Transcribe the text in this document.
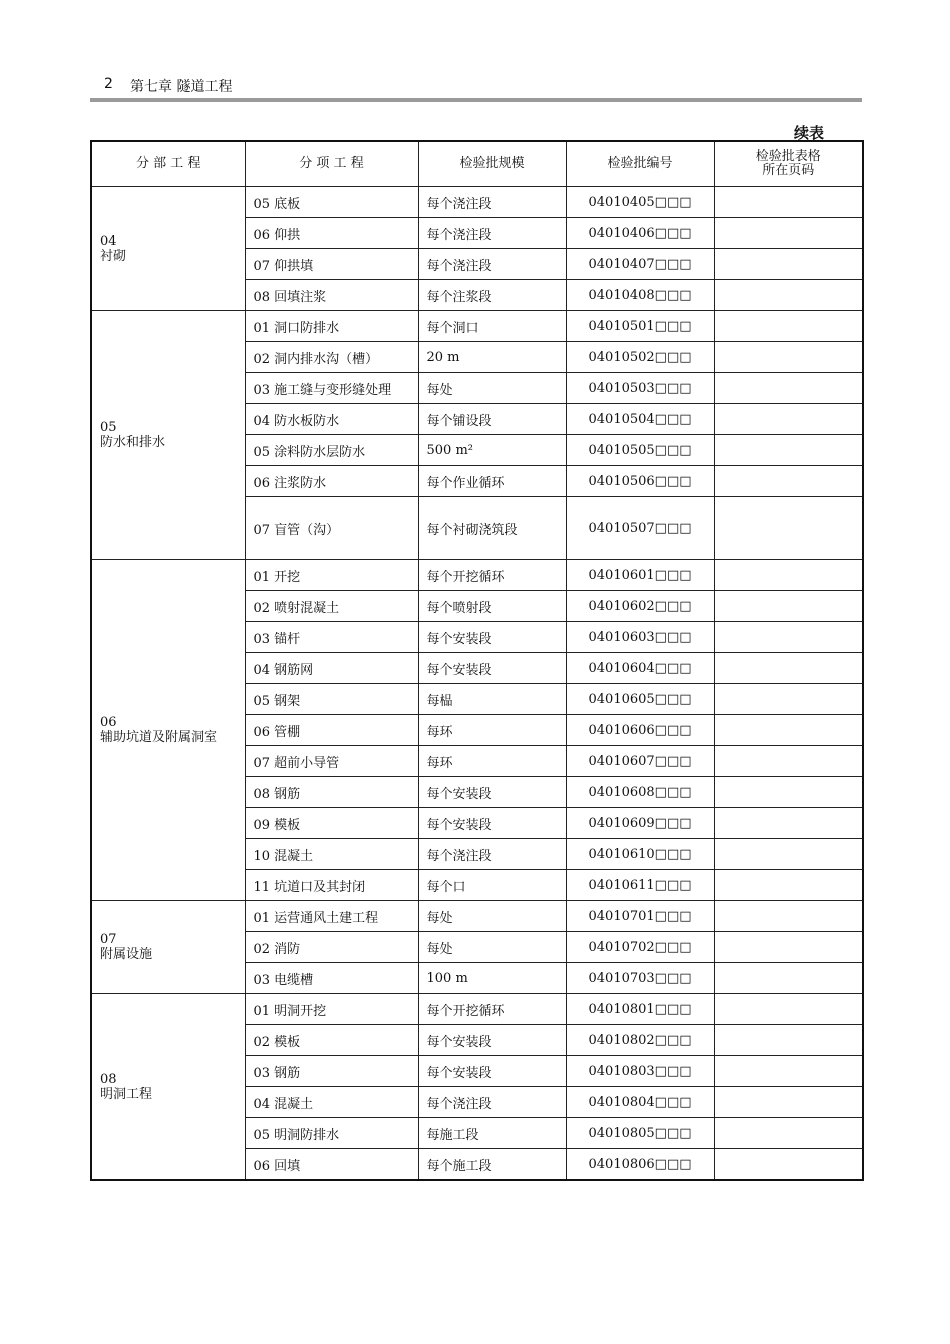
2 第七章 隧道工程
续表
分 部 工 程	分 项 工 程	检验批规模	检验批编号	检验批表格
所在页码

04
衬砌	05 底板	每个浇注段	04010405□□□	
	06 仰拱	每个浇注段	04010406□□□	
	07 仰拱填	每个浇注段	04010407□□□	
	08 回填注浆	每个注浆段	04010408□□□	

05
防水和排水	01 洞口防排水	每个洞口	04010501□□□	
	02 洞内排水沟（槽）	20 m	04010502□□□	
	03 施工缝与变形缝处理	每处	04010503□□□	
	04 防水板防水	每个铺设段	04010504□□□	
	05 涂料防水层防水	500 m²	04010505□□□	
	06 注浆防水	每个作业循环	04010506□□□	
	07 盲管（沟）	每个衬砌浇筑段	04010507□□□	

06
辅助坑道及附属洞室	01 开挖	每个开挖循环	04010601□□□	
	02 喷射混凝土	每个喷射段	04010602□□□	
	03 锚杆	每个安装段	04010603□□□	
	04 钢筋网	每个安装段	04010604□□□	
	05 钢架	每榀	04010605□□□	
	06 管棚	每环	04010606□□□	
	07 超前小导管	每环	04010607□□□	
	08 钢筋	每个安装段	04010608□□□	
	09 模板	每个安装段	04010609□□□	
	10 混凝土	每个浇注段	04010610□□□	
	11 坑道口及其封闭	每个口	04010611□□□	

07
附属设施	01 运营通风土建工程	每处	04010701□□□	
	02 消防	每处	04010702□□□	
	03 电缆槽	100 m	04010703□□□	

08
明洞工程	01 明洞开挖	每个开挖循环	04010801□□□	
	02 模板	每个安装段	04010802□□□	
	03 钢筋	每个安装段	04010803□□□	
	04 混凝土	每个浇注段	04010804□□□	
	05 明洞防排水	每施工段	04010805□□□	
	06 回填	每个施工段	04010806□□□	
